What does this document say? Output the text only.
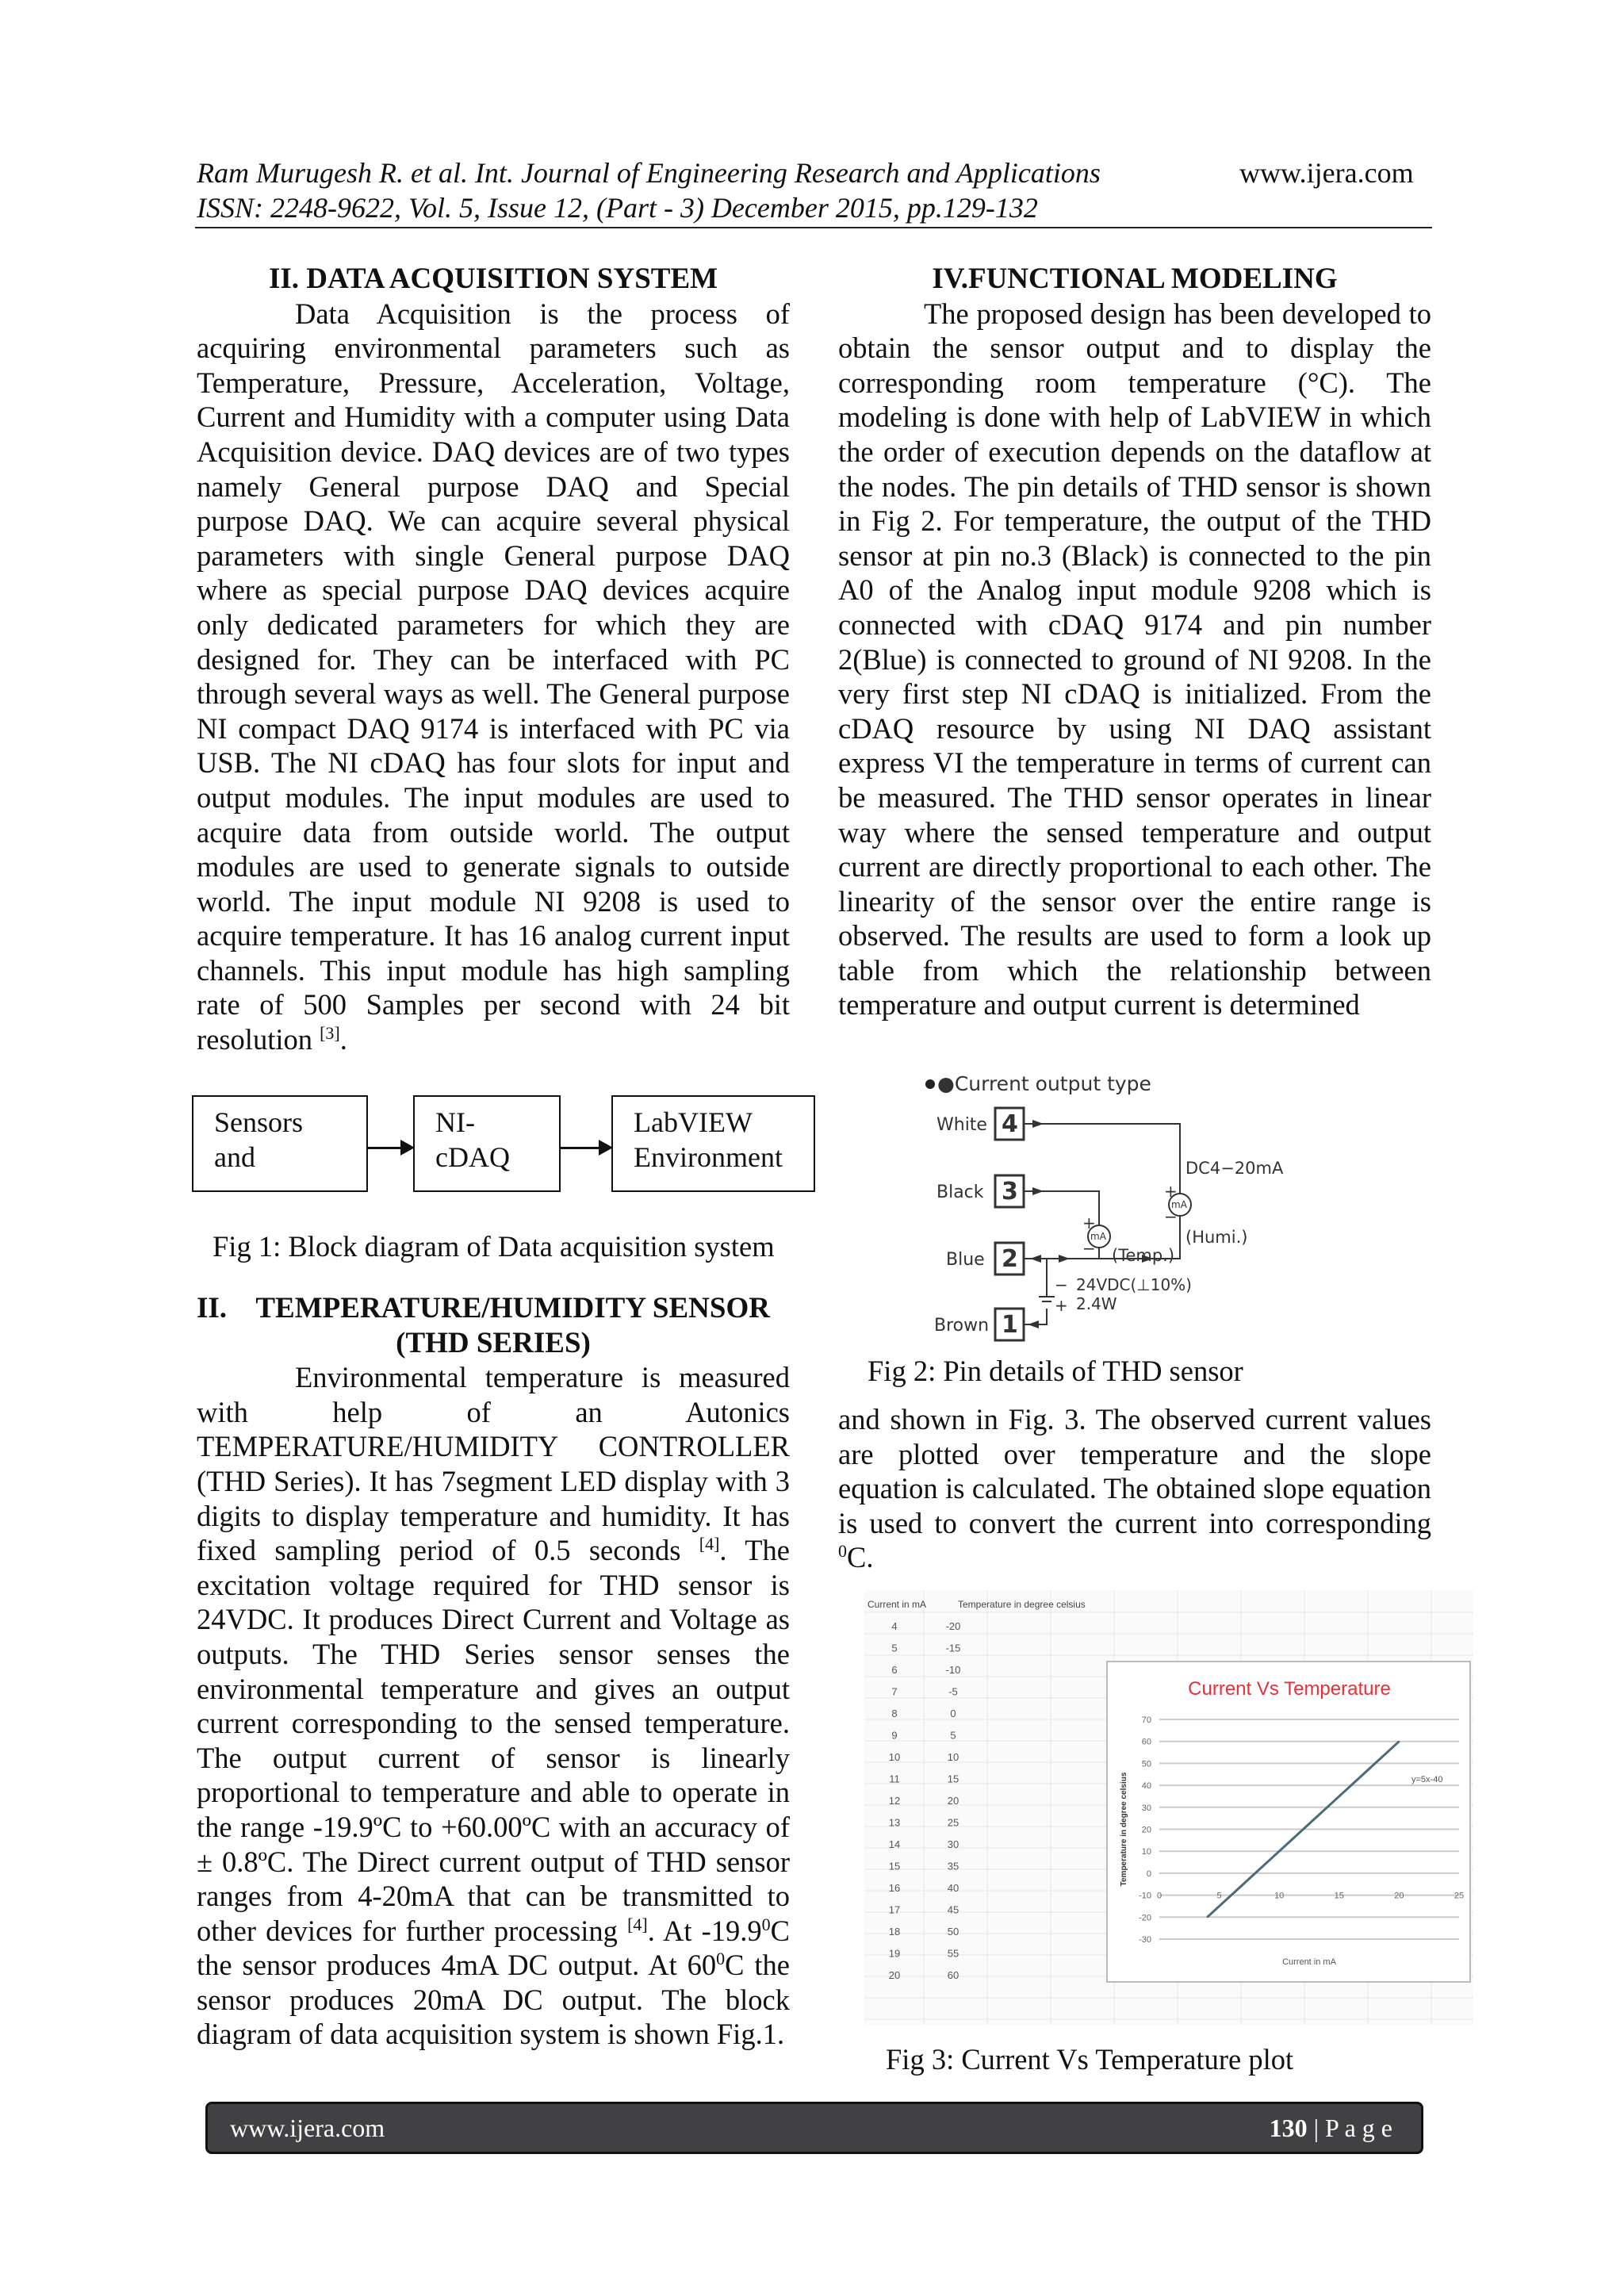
Ram Murugesh R. et al. Int. Journal of Engineering Research and Applications	www.ijera.com
ISSN: 2248-9622, Vol. 5, Issue 12, (Part - 3) December 2015, pp.129-132
II. DATA ACQUISITION SYSTEM

Data Acquisition is the process of acquiring environmental parameters such as Temperature, Pressure, Acceleration, Voltage, Current and Humidity with a computer using Data Acquisition device. DAQ devices are of two types namely General purpose DAQ and Special purpose DAQ. We can acquire several physical parameters with single General purpose DAQ where as special purpose DAQ devices acquire only dedicated parameters for which they are designed for. They can be interfaced with PC through several ways as well. The General purpose NI compact DAQ 9174 is interfaced with PC via USB. The NI cDAQ has four slots for input and output modules. The input modules are used to acquire data from outside world. The output modules are used to generate signals to outside world. The input module NI 9208 is used to acquire temperature. It has 16 analog current input channels. This input module has high sampling rate of 500 Samples per second with 24 bit resolution [3].

Sensors
and
NI-
cDAQ
LabVIEW
Environment
Fig 1: Block diagram of Data acquisition system
II.    TEMPERATURE/HUMIDITY SENSOR
(THD SERIES)

Environmental temperature is measured with help of an Autonics TEMPERATURE/HUMIDITY CONTROLLER (THD Series). It has 7segment LED display with 3 digits to display temperature and humidity. It has fixed sampling period of 0.5 seconds [4]. The excitation voltage required for THD sensor is 24VDC. It produces Direct Current and Voltage as outputs. The THD Series sensor senses the environmental temperature and gives an output current corresponding to the sensed temperature. The output current of sensor is linearly proportional to temperature and able to operate in the range -19.9ºC to +60.00ºC with an accuracy of ± 0.8ºC. The Direct current output of THD sensor ranges from 4-20mA that can be transmitted to other devices for further processing [4]. At -19.9$^0$C the sensor produces 4mA DC output. At $60^0C$ the sensor produces 20mA DC output. The block diagram of data acquisition system is shown Fig.1.

IV.FUNCTIONAL MODELING

The proposed design has been developed to obtain the sensor output and to display the corresponding room temperature (°C). The modeling is done with help of LabVIEW in which the order of execution depends on the dataflow at the nodes. The pin details of THD sensor is shown in Fig 2. For temperature, the output of the THD sensor at pin no.3 (Black) is connected to the pin A0 of the Analog input module 9208 which is connected with cDAQ 9174 and pin number 2(Blue) is connected to ground of NI 9208. In the very first step NI cDAQ is initialized. From the cDAQ resource by using NI DAQ assistant express VI the temperature in terms of current can be measured. The THD sensor operates in linear way where the sensed temperature and output current are directly proportional to each other. The linearity of the sensor over the entire range is observed. The results are used to form a look up table from which the relationship between temperature and output current is determined

●Current output type
White 4
Black 3
Blue 2
Brown 1
DC4−20mA
mA
mA
+
−
+
−
(Humi.)
(Temp.)
−
+
24VDC(⊥10%)
2.4W
Fig 2: Pin details of THD sensor

and shown in Fig. 3. The observed current values are plotted over temperature and the slope equation is calculated. The obtained slope equation is used to convert the current into corresponding $^0$C.

Current in mA	Temperature in degree celsius
4	-20
5	-15
6	-10
7	-5
8	0
9	5
10	10
11	15
12	20
13	25
14	30
15	35
16	40
17	45
18	50
19	55
20	60
Current Vs Temperature
-30
-20
-10
0
10
20
30
40
50
60
70
0	5	10	15	20	25
y=5x-40
Current in mA
Temperature in degree celsius
Fig 3: Current Vs Temperature plot
www.ijera.com	130 | P a g e
